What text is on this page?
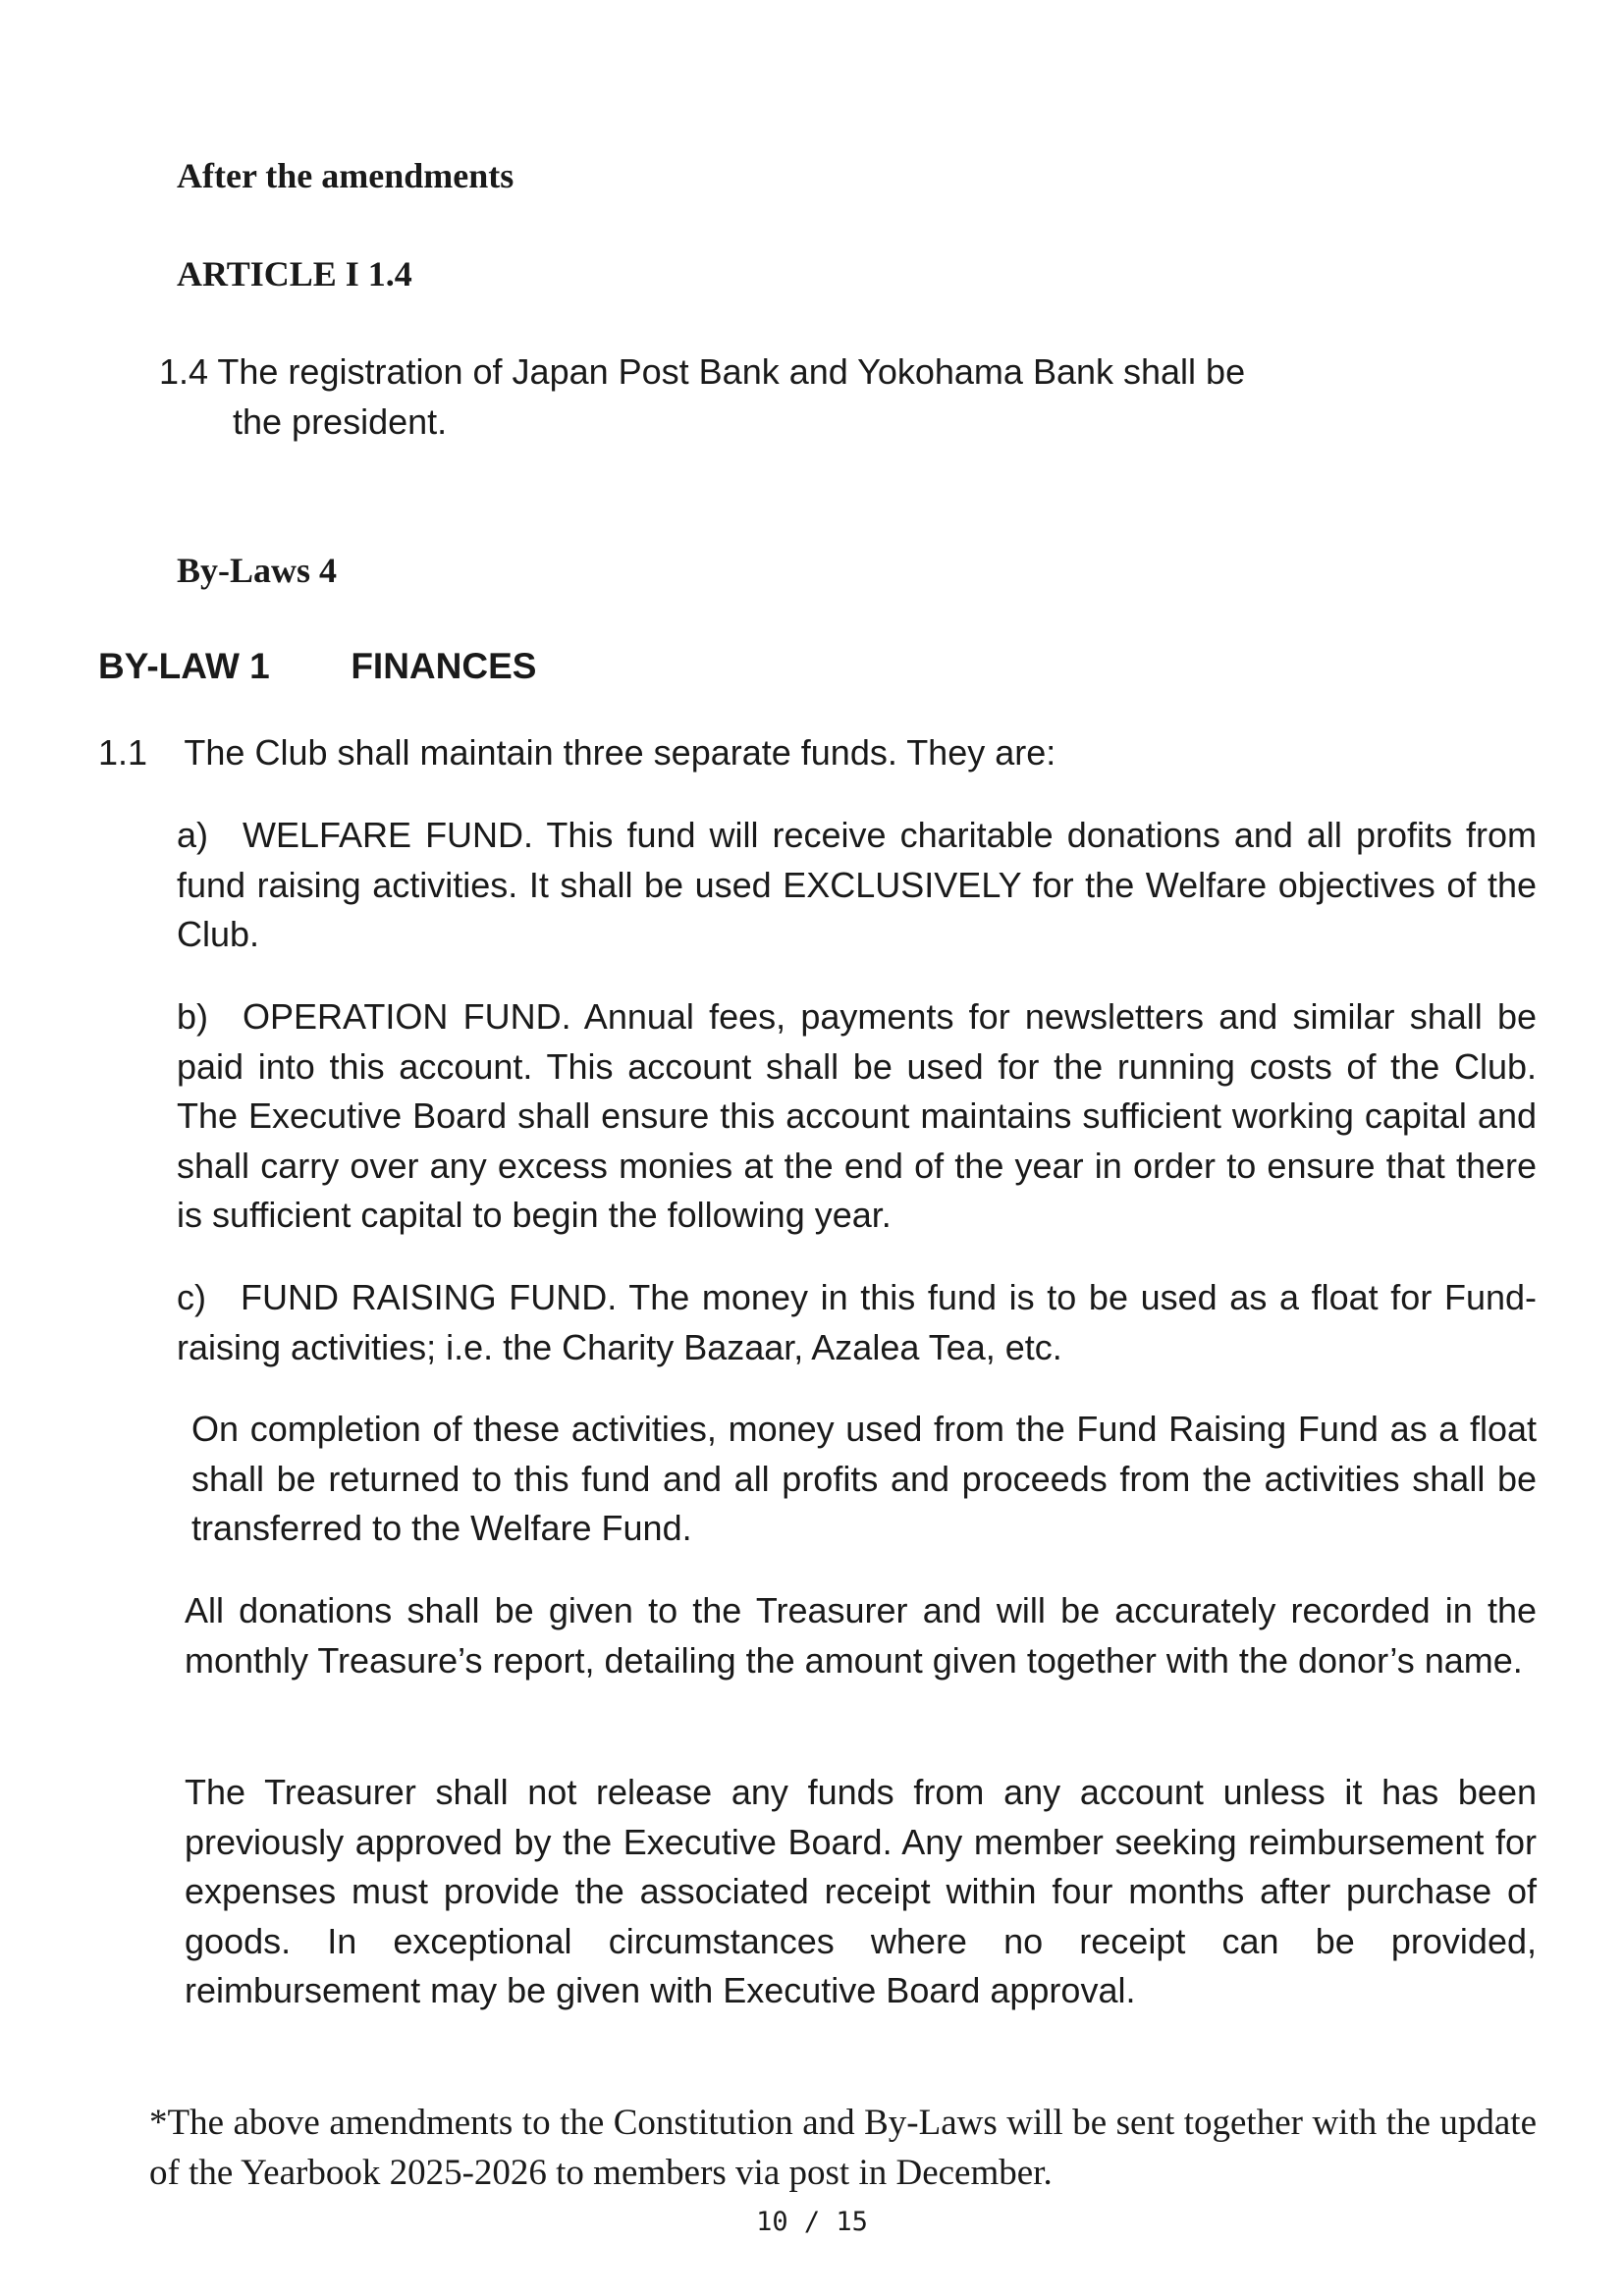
After the amendments
ARTICLE I 1.4
1.4 The registration of Japan Post Bank and Yokohama Bank shall be
the president.
By-Laws 4
BY-LAW 1 FINANCES
1.1 The Club shall maintain three separate funds. They are:
a) WELFARE FUND. This fund will receive charitable donations and all profits from fund raising activities. It shall be used EXCLUSIVELY for the Welfare objectives of the Club.
b) OPERATION FUND. Annual fees, payments for newsletters and similar shall be paid into this account. This account shall be used for the running costs of the Club. The Executive Board shall ensure this account maintains sufficient working capital and shall carry over any excess monies at the end of the year in order to ensure that there is sufficient capital to begin the following year.
c) FUND RAISING FUND. The money in this fund is to be used as a float for Fund-raising activities; i.e. the Charity Bazaar, Azalea Tea, etc.
On completion of these activities, money used from the Fund Raising Fund as a float shall be returned to this fund and all profits and proceeds from the activities shall be transferred to the Welfare Fund.
All donations shall be given to the Treasurer and will be accurately recorded in the monthly Treasure’s report, detailing the amount given together with the donor’s name.
The Treasurer shall not release any funds from any account unless it has been previously approved by the Executive Board. Any member seeking reimbursement for expenses must provide the associated receipt within four months after purchase of goods. In exceptional circumstances where no receipt can be provided, reimbursement may be given with Executive Board approval.
*The above amendments to the Constitution and By-Laws will be sent together with the update of the Yearbook 2025-2026 to members via post in December.
10 / 15
